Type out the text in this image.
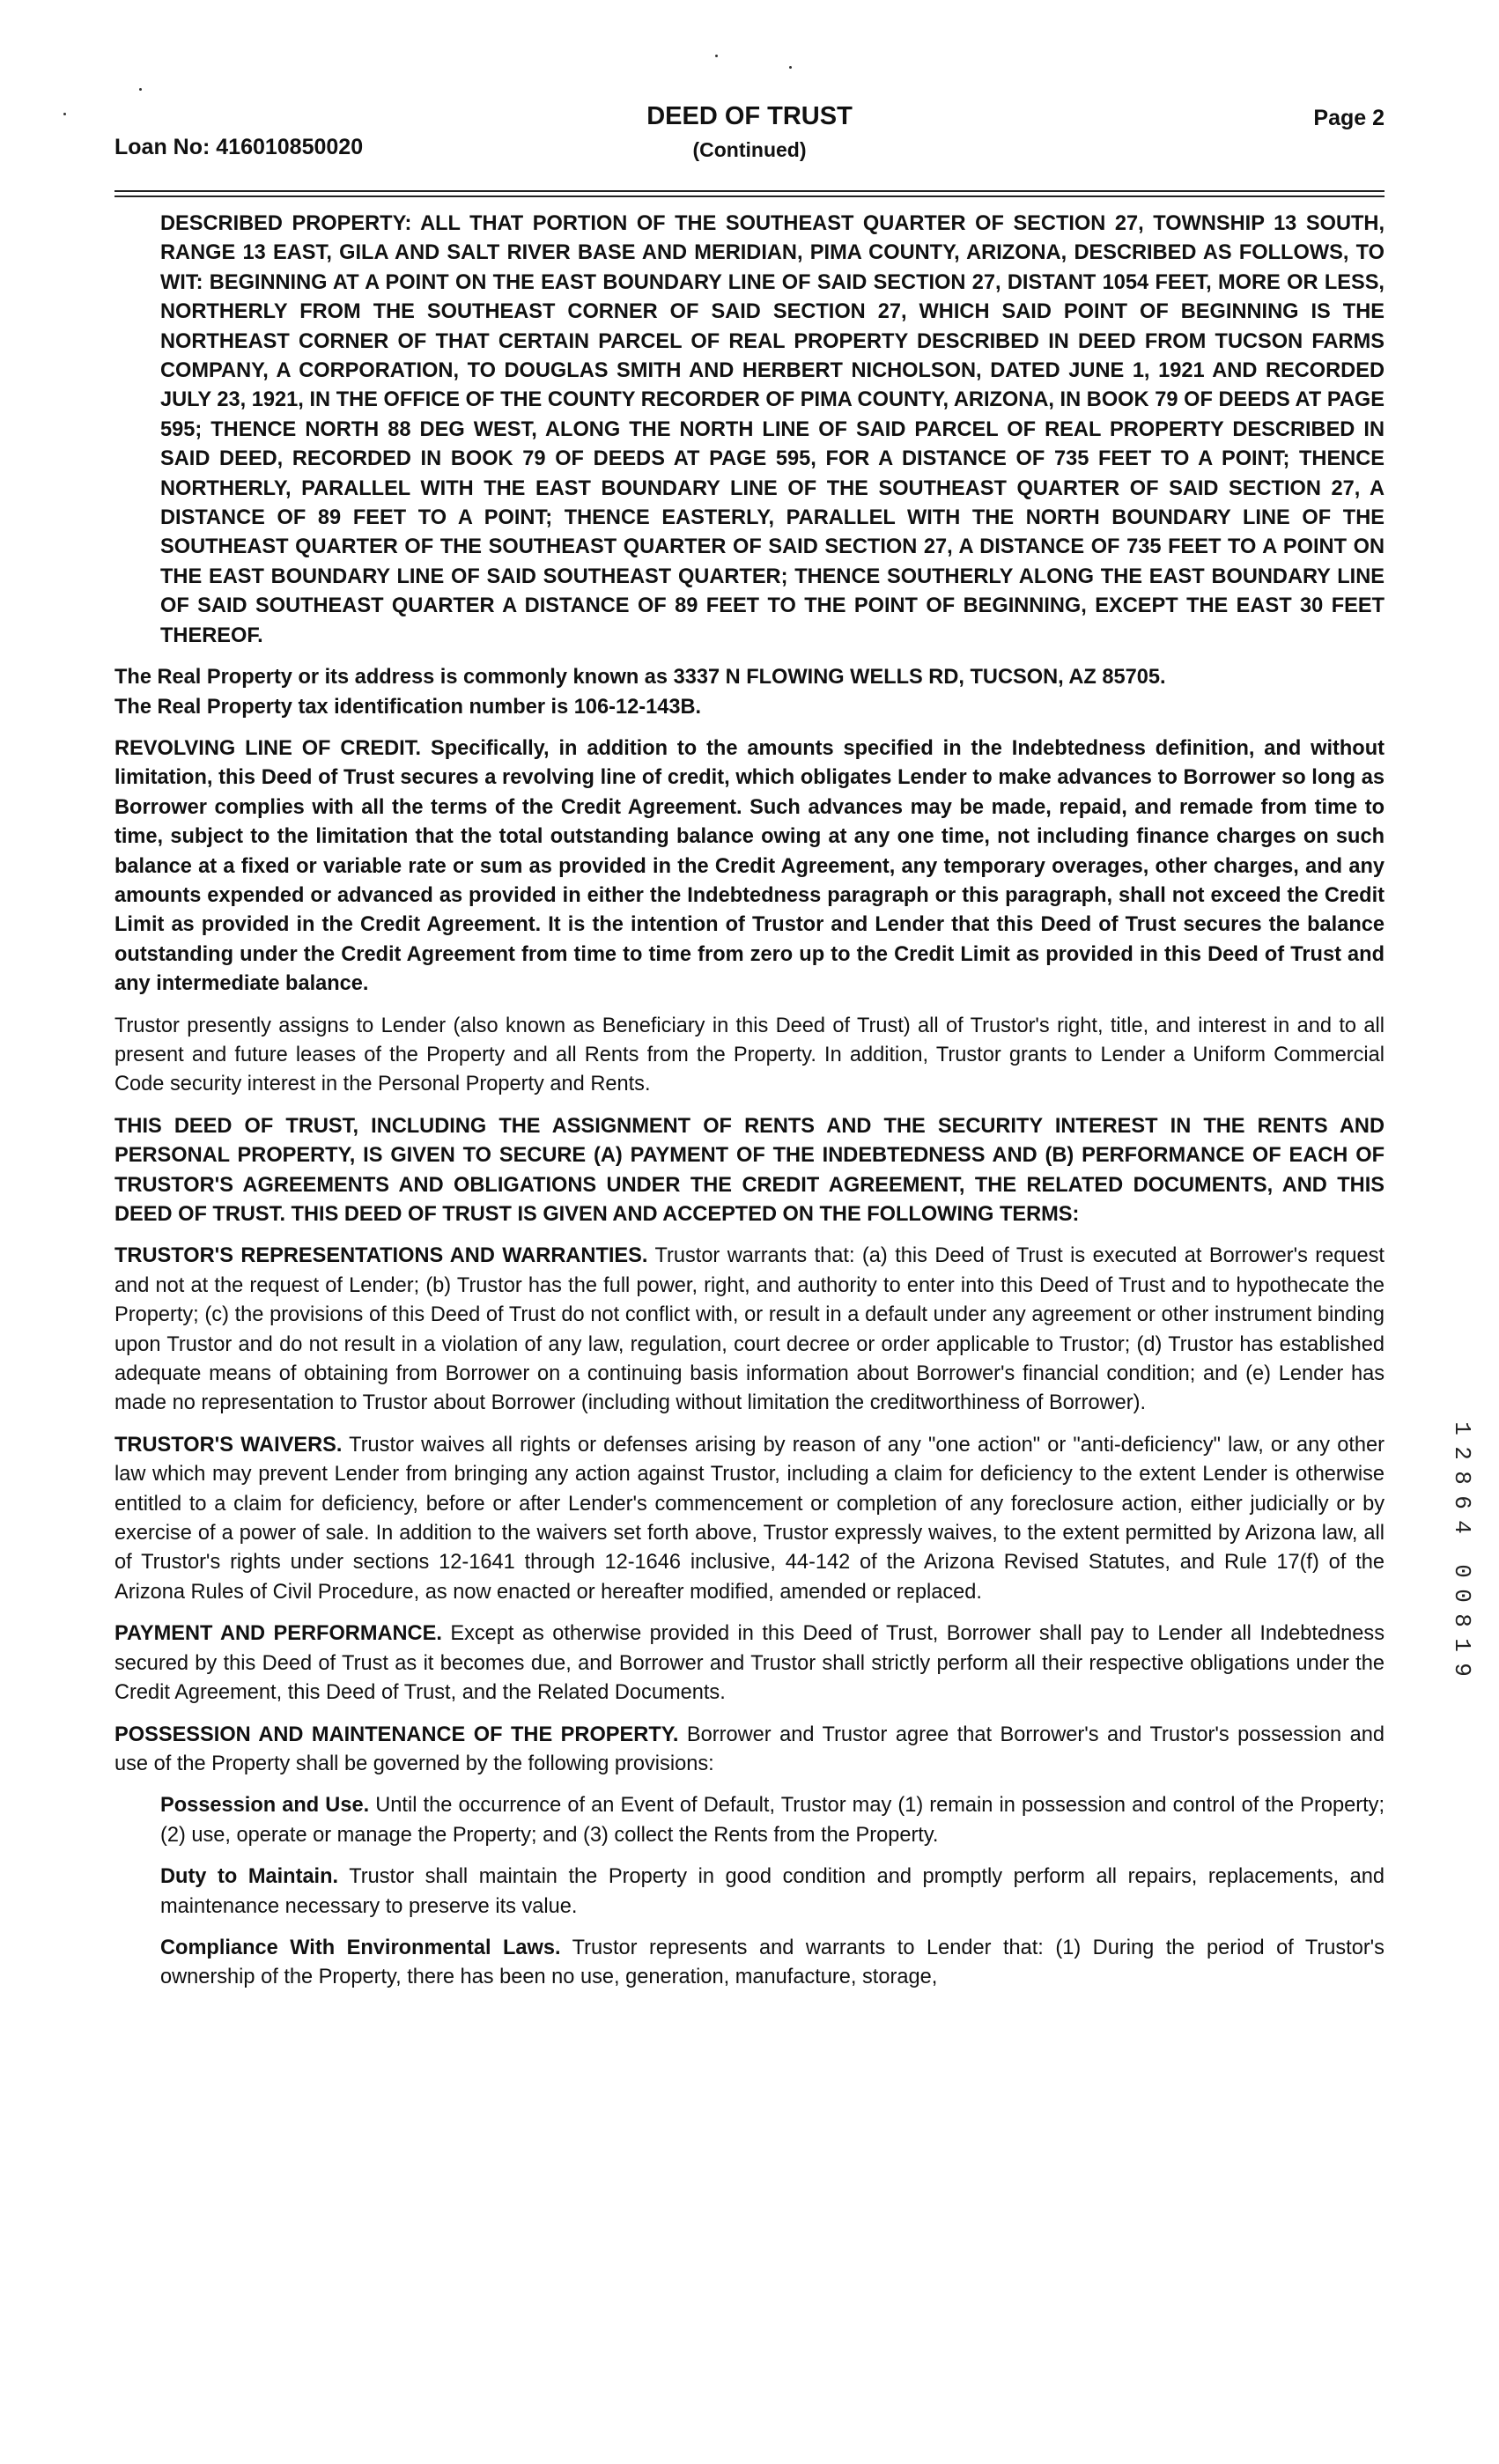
Loan No: 416010850020
DEED OF TRUST
(Continued)
Page 2

DESCRIBED PROPERTY: ALL THAT PORTION OF THE SOUTHEAST QUARTER OF SECTION 27, TOWNSHIP 13 SOUTH, RANGE 13 EAST, GILA AND SALT RIVER BASE AND MERIDIAN, PIMA COUNTY, ARIZONA, DESCRIBED AS FOLLOWS, TO WIT: BEGINNING AT A POINT ON THE EAST BOUNDARY LINE OF SAID SECTION 27, DISTANT 1054 FEET, MORE OR LESS, NORTHERLY FROM THE SOUTHEAST CORNER OF SAID SECTION 27, WHICH SAID POINT OF BEGINNING IS THE NORTHEAST CORNER OF THAT CERTAIN PARCEL OF REAL PROPERTY DESCRIBED IN DEED FROM TUCSON FARMS COMPANY, A CORPORATION, TO DOUGLAS SMITH AND HERBERT NICHOLSON, DATED JUNE 1, 1921 AND RECORDED JULY 23, 1921, IN THE OFFICE OF THE COUNTY RECORDER OF PIMA COUNTY, ARIZONA, IN BOOK 79 OF DEEDS AT PAGE 595; THENCE NORTH 88 DEG WEST, ALONG THE NORTH LINE OF SAID PARCEL OF REAL PROPERTY DESCRIBED IN SAID DEED, RECORDED IN BOOK 79 OF DEEDS AT PAGE 595, FOR A DISTANCE OF 735 FEET TO A POINT; THENCE NORTHERLY, PARALLEL WITH THE EAST BOUNDARY LINE OF THE SOUTHEAST QUARTER OF SAID SECTION 27, A DISTANCE OF 89 FEET TO A POINT; THENCE EASTERLY, PARALLEL WITH THE NORTH BOUNDARY LINE OF THE SOUTHEAST QUARTER OF THE SOUTHEAST QUARTER OF SAID SECTION 27, A DISTANCE OF 735 FEET TO A POINT ON THE EAST BOUNDARY LINE OF SAID SOUTHEAST QUARTER; THENCE SOUTHERLY ALONG THE EAST BOUNDARY LINE OF SAID SOUTHEAST QUARTER A DISTANCE OF 89 FEET TO THE POINT OF BEGINNING, EXCEPT THE EAST 30 FEET THEREOF.

The Real Property or its address is commonly known as 3337 N FLOWING WELLS RD, TUCSON, AZ 85705.

The Real Property tax identification number is 106-12-143B.

REVOLVING LINE OF CREDIT. Specifically, in addition to the amounts specified in the Indebtedness definition, and without limitation, this Deed of Trust secures a revolving line of credit, which obligates Lender to make advances to Borrower so long as Borrower complies with all the terms of the Credit Agreement. Such advances may be made, repaid, and remade from time to time, subject to the limitation that the total outstanding balance owing at any one time, not including finance charges on such balance at a fixed or variable rate or sum as provided in the Credit Agreement, any temporary overages, other charges, and any amounts expended or advanced as provided in either the Indebtedness paragraph or this paragraph, shall not exceed the Credit Limit as provided in the Credit Agreement. It is the intention of Trustor and Lender that this Deed of Trust secures the balance outstanding under the Credit Agreement from time to time from zero up to the Credit Limit as provided in this Deed of Trust and any intermediate balance.

Trustor presently assigns to Lender (also known as Beneficiary in this Deed of Trust) all of Trustor's right, title, and interest in and to all present and future leases of the Property and all Rents from the Property. In addition, Trustor grants to Lender a Uniform Commercial Code security interest in the Personal Property and Rents.

THIS DEED OF TRUST, INCLUDING THE ASSIGNMENT OF RENTS AND THE SECURITY INTEREST IN THE RENTS AND PERSONAL PROPERTY, IS GIVEN TO SECURE (A) PAYMENT OF THE INDEBTEDNESS AND (B) PERFORMANCE OF EACH OF TRUSTOR'S AGREEMENTS AND OBLIGATIONS UNDER THE CREDIT AGREEMENT, THE RELATED DOCUMENTS, AND THIS DEED OF TRUST. THIS DEED OF TRUST IS GIVEN AND ACCEPTED ON THE FOLLOWING TERMS:

TRUSTOR'S REPRESENTATIONS AND WARRANTIES. Trustor warrants that: (a) this Deed of Trust is executed at Borrower's request and not at the request of Lender; (b) Trustor has the full power, right, and authority to enter into this Deed of Trust and to hypothecate the Property; (c) the provisions of this Deed of Trust do not conflict with, or result in a default under any agreement or other instrument binding upon Trustor and do not result in a violation of any law, regulation, court decree or order applicable to Trustor; (d) Trustor has established adequate means of obtaining from Borrower on a continuing basis information about Borrower's financial condition; and (e) Lender has made no representation to Trustor about Borrower (including without limitation the creditworthiness of Borrower).

TRUSTOR'S WAIVERS. Trustor waives all rights or defenses arising by reason of any "one action" or "anti-deficiency" law, or any other law which may prevent Lender from bringing any action against Trustor, including a claim for deficiency to the extent Lender is otherwise entitled to a claim for deficiency, before or after Lender's commencement or completion of any foreclosure action, either judicially or by exercise of a power of sale. In addition to the waivers set forth above, Trustor expressly waives, to the extent permitted by Arizona law, all of Trustor's rights under sections 12-1641 through 12-1646 inclusive, 44-142 of the Arizona Revised Statutes, and Rule 17(f) of the Arizona Rules of Civil Procedure, as now enacted or hereafter modified, amended or replaced.

PAYMENT AND PERFORMANCE. Except as otherwise provided in this Deed of Trust, Borrower shall pay to Lender all Indebtedness secured by this Deed of Trust as it becomes due, and Borrower and Trustor shall strictly perform all their respective obligations under the Credit Agreement, this Deed of Trust, and the Related Documents.

POSSESSION AND MAINTENANCE OF THE PROPERTY. Borrower and Trustor agree that Borrower's and Trustor's possession and use of the Property shall be governed by the following provisions:

Possession and Use. Until the occurrence of an Event of Default, Trustor may (1) remain in possession and control of the Property; (2) use, operate or manage the Property; and (3) collect the Rents from the Property.

Duty to Maintain. Trustor shall maintain the Property in good condition and promptly perform all repairs, replacements, and maintenance necessary to preserve its value.

Compliance With Environmental Laws. Trustor represents and warrants to Lender that: (1) During the period of Trustor's ownership of the Property, there has been no use, generation, manufacture, storage,

1
2
8
6
4
0
0
8
1
9
